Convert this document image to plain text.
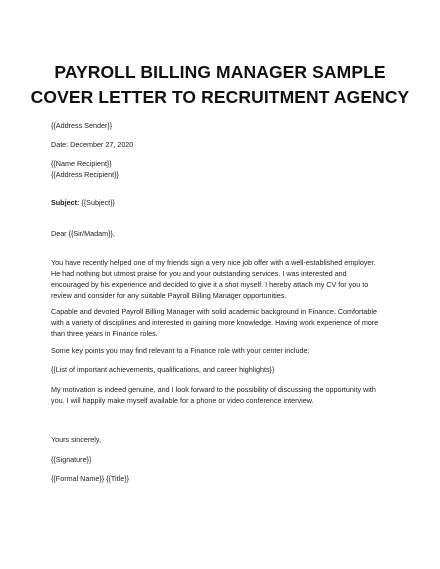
PAYROLL BILLING MANAGER SAMPLE
COVER LETTER TO RECRUITMENT AGENCY
{{Address Sender}}
Date: December 27, 2020
{{Name Recipient}}
{{Address Recipient}}
Subject: {{Subject}}
Dear {{Sir/Madam}},
You have recently helped one of my friends sign a very nice job offer with a well-established employer.
He had nothing but utmost praise for you and your outstanding services. I was interested and
encouraged by his experience and decided to give it a shot myself. I hereby attach my CV for you to
review and consider for any suitable Payroll Billing Manager opportunities.
Capable and devoted Payroll Billing Manager with solid academic background in Finance. Comfortable
with a variety of disciplines and interested in gaining more knowledge. Having work experience of more
than three years in Finance roles.
Some key points you may find relevant to a Finance role with your center include:
{{List of important achievements, qualifications, and career highlights}}
My motivation is indeed genuine, and I look forward to the possibility of discussing the opportunity with
you. I will happily make myself available for a phone or video conference interview.
Yours sincerely,
{{Signature}}
{{Formal Name}} {{Title}}
